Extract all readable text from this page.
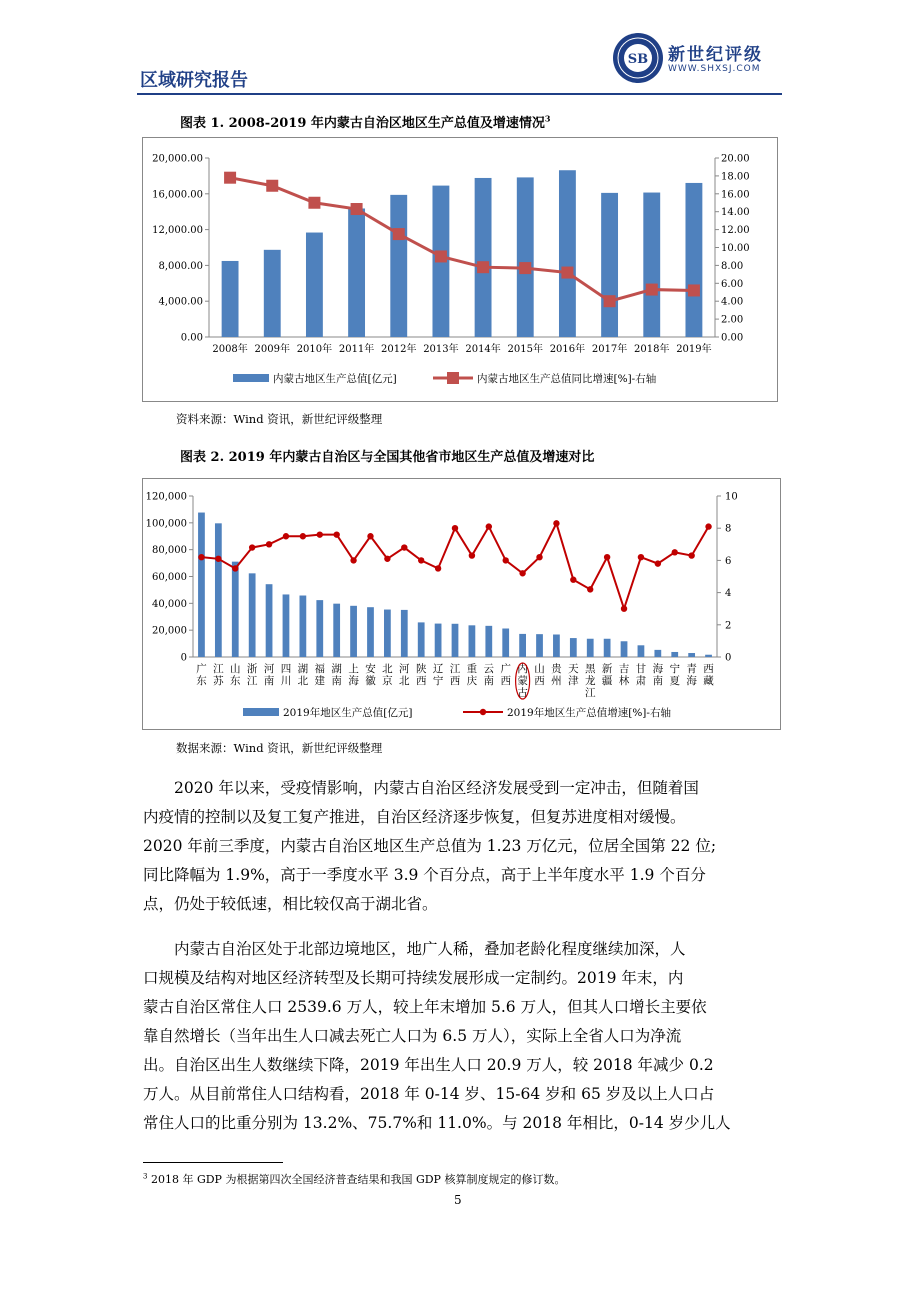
SB 新世纪评级
WWW.SHXSJ.COM
区域研究报告
图表 1. 2008-2019 年内蒙古自治区地区生产总值及增速情况$^3$
0.00
4,000.00
8,000.00
12,000.00
16,000.00
20,000.00
0.00
2.00
4.00
6.00
8.00
10.00
12.00
14.00
16.00
18.00
20.00
2008年 2009年 2010年 2011年 2012年 2013年 2014年 2015年 2016年 2017年 2018年 2019年
内蒙古地区生产总值[亿元]	内蒙古地区生产总值同比增速[%]-右轴
资料来源：Wind 资讯，新世纪评级整理
图表 2. 2019 年内蒙古自治区与全国其他省市地区生产总值及增速对比
0
20,000
40,000
60,000
80,000
100,000
120,000
0
2
4
6
8
10
广东
江苏
山东
浙江
河南
四川
湖北
福建
湖南
上海
安徽
北京
河北
陕西
辽宁
江西
重庆
云南
广西
内蒙古
山西
贵州
天津
黑龙江
新疆
吉林
甘肃
海南
宁夏
青海
西藏
2019年地区生产总值[亿元]	2019年地区生产总值增速[%]-右轴
数据来源：Wind 资讯，新世纪评级整理
2020 年以来，受疫情影响，内蒙古自治区经济发展受到一定冲击，但随着国
内疫情的控制以及复工复产推进，自治区经济逐步恢复，但复苏进度相对缓慢。
2020 年前三季度，内蒙古自治区地区生产总值为 1.23 万亿元，位居全国第 22 位;
同比降幅为 1.9%，高于一季度水平 3.9 个百分点，高于上半年度水平 1.9 个百分
点，仍处于较低速，相比较仅高于湖北省。
内蒙古自治区处于北部边境地区，地广人稀，叠加老龄化程度继续加深，人
口规模及结构对地区经济转型及长期可持续发展形成一定制约。2019 年末，内
蒙古自治区常住人口 2539.6 万人，较上年末增加 5.6 万人，但其人口增长主要依
靠自然增长（当年出生人口减去死亡人口为 6.5 万人），实际上全省人口为净流
出。自治区出生人数继续下降，2019 年出生人口 20.9 万人，较 2018 年减少 0.2
万人。从目前常住人口结构看，2018 年 0-14 岁、15-64 岁和 65 岁及以上人口占
常住人口的比重分别为 13.2%、75.7%和 11.0%。与 2018 年相比，0-14 岁少儿人
$^3$ 2018 年 GDP 为根据第四次全国经济普查结果和我国 GDP 核算制度规定的修订数。
5
